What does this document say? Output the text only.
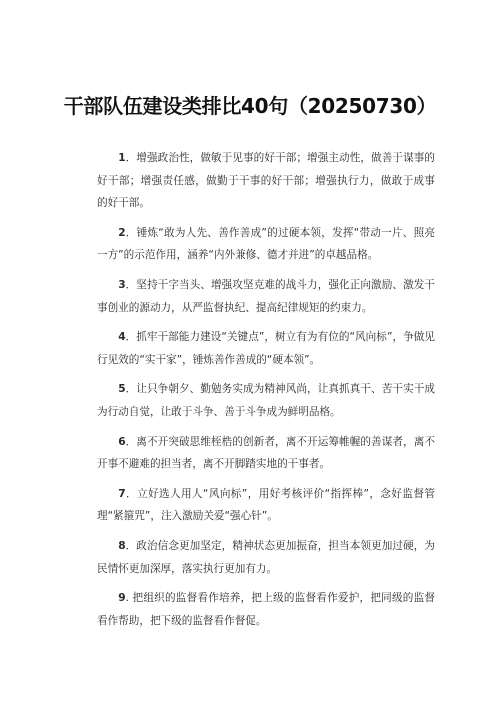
干部队伍建设类排比40句（20250730）

1．增强政治性，做敏于见事的好干部；增强主动性，做善于谋事的好干部；增强责任感，做勤于干事的好干部；增强执行力，做敢于成事的好干部。

2．锤炼“敢为人先、善作善成”的过硬本领，发挥“带动一片、照亮一方”的示范作用，涵养“内外兼修、德才并进”的卓越品格。

3．坚持干字当头、增强攻坚克难的战斗力，强化正向激励、激发干事创业的源动力，从严监督执纪、提高纪律规矩的约束力。

4．抓牢干部能力建设“关键点”，树立有为有位的“风向标”，争做见行见效的“实干家”，锤炼善作善成的“硬本领”。

5．让只争朝夕、勤勉务实成为精神风尚，让真抓真干、苦干实干成为行动自觉，让敢于斗争、善于斗争成为鲜明品格。

6．离不开突破思维桎梏的创新者，离不开运筹帷幄的善谋者，离不开事不避难的担当者，离不开脚踏实地的干事者。

7．立好选人用人“风向标”，用好考核评价“指挥棒”，念好监督管理“紧箍咒”，注入激励关爱“强心针”。

8．政治信念更加坚定，精神状态更加振奋，担当本领更加过硬，为民情怀更加深厚，落实执行更加有力。

9. 把组织的监督看作培养，把上级的监督看作爱护，把同级的监督看作帮助，把下级的监督看作督促。
